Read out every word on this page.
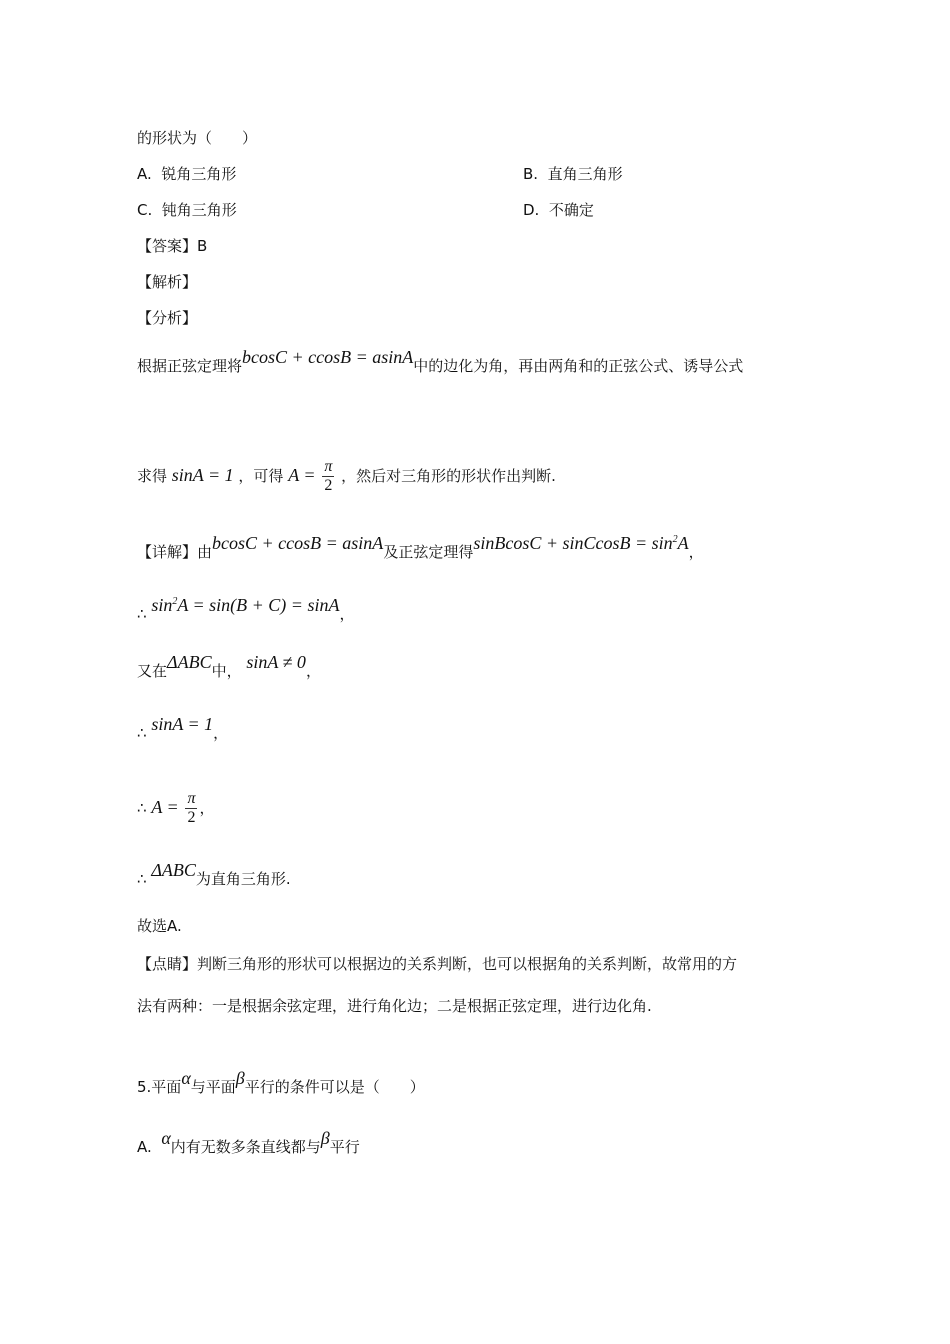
的形状为（　　）
A. 锐角三角形	B. 直角三角形
C. 钝角三角形	D. 不确定
【答案】B
【解析】
【分析】
根据正弦定理将bcosC + ccosB = asinA中的边化为角，再由两角和的正弦公式、诱导公式
求得 sinA = 1 ，可得 $A = \frac{\pi}{2}$ ，然后对三角形的形状作出判断.
【详解】由bcosC + ccosB = asinA及正弦定理得sinBcosC + sinCcosB = $\sin^2A$，
∴ $\sin^2A = \sin(B + C) = \sin A$，
又在ΔABC中， sinA ≠ 0，
∴ sinA = 1，
∴ $A = \frac{\pi}{2}$ ，
∴ ΔABC为直角三角形.
故选A.
【点睛】判断三角形的形状可以根据边的关系判断，也可以根据角的关系判断，故常用的方
法有两种：一是根据余弦定理，进行角化边；二是根据正弦定理，进行边化角.
5.平面α与平面β平行的条件可以是（　　）
A. α内有无数多条直线都与β平行
